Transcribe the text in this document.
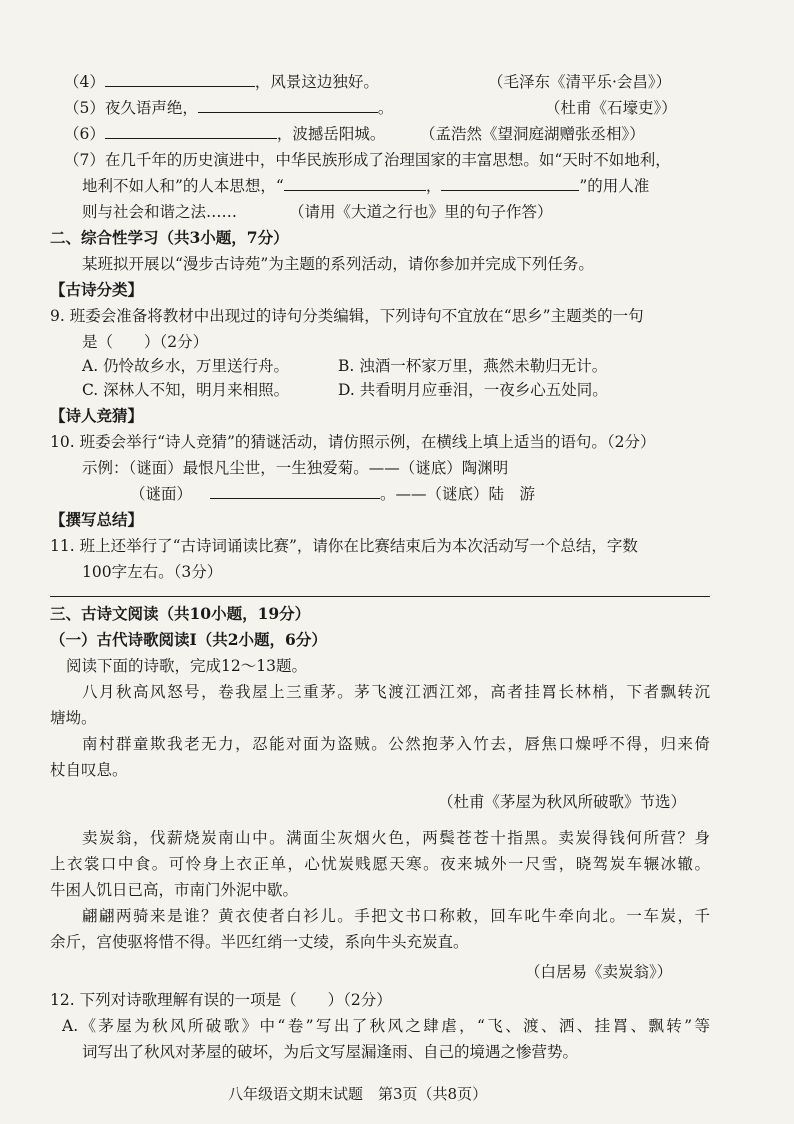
（4）	，风景这边独好。	（毛泽东《清平乐·会昌》）
（5）夜久语声绝，	。	（杜甫《石壕吏》）
（6）	，波撼岳阳城。 （孟浩然《望洞庭湖赠张丞相》）
（7）在几千年的历史演进中，中华民族形成了治理国家的丰富思想。如“天时不如地利，
地利不如人和”的人本思想，“	，	”的用人准
则与社会和谐之法……	（请用《大道之行也》里的句子作答）
二、综合性学习（共3小题，7分）
某班拟开展以“漫步古诗苑”为主题的系列活动，请你参加并完成下列任务。
【古诗分类】
9. 班委会准备将教材中出现过的诗句分类编辑，下列诗句不宜放在“思乡”主题类的一句
是（　　）（2分）
A. 仍怜故乡水，万里送行舟。	B. 浊酒一杯家万里，燕然未勒归无计。
C. 深林人不知，明月来相照。	D. 共看明月应垂泪，一夜乡心五处同。
【诗人竞猜】
10. 班委会举行“诗人竞猜”的猜谜活动，请仿照示例，在横线上填上适当的语句。（2分）
示例：（谜面）最恨凡尘世，一生独爱菊。——（谜底）陶渊明
（谜面）	。——（谜底）陆　游
【撰写总结】
11. 班上还举行了“古诗词诵读比赛”，请你在比赛结束后为本次活动写一个总结，字数
100字左右。（3分）
三、古诗文阅读（共10小题，19分）
（一）古代诗歌阅读Ⅰ（共2小题，6分）
阅读下面的诗歌，完成12～13题。
八月秋高风怒号，卷我屋上三重茅。茅飞渡江洒江郊，高者挂罥长林梢，下者飘转沉
塘坳。
南村群童欺我老无力，忍能对面为盗贼。公然抱茅入竹去，唇焦口燥呼不得，归来倚
杖自叹息。
（杜甫《茅屋为秋风所破歌》节选）
卖炭翁，伐薪烧炭南山中。满面尘灰烟火色，两鬓苍苍十指黑。卖炭得钱何所营？身
上衣裳口中食。可怜身上衣正单，心忧炭贱愿天寒。夜来城外一尺雪，晓驾炭车辗冰辙。
牛困人饥日已高，市南门外泥中歇。
翩翩两骑来是谁？黄衣使者白衫儿。手把文书口称敕，回车叱牛牵向北。一车炭，千
余斤，宫使驱将惜不得。半匹红绡一丈绫，系向牛头充炭直。
（白居易《卖炭翁》）
12. 下列对诗歌理解有误的一项是（　　）（2分）
A.《茅屋为秋风所破歌》中“卷”写出了秋风之肆虐，“飞、渡、洒、挂罥、飘转”等
词写出了秋风对茅屋的破坏，为后文写屋漏逢雨、自己的境遇之惨营势。
八年级语文期末试题　第3页（共8页）
